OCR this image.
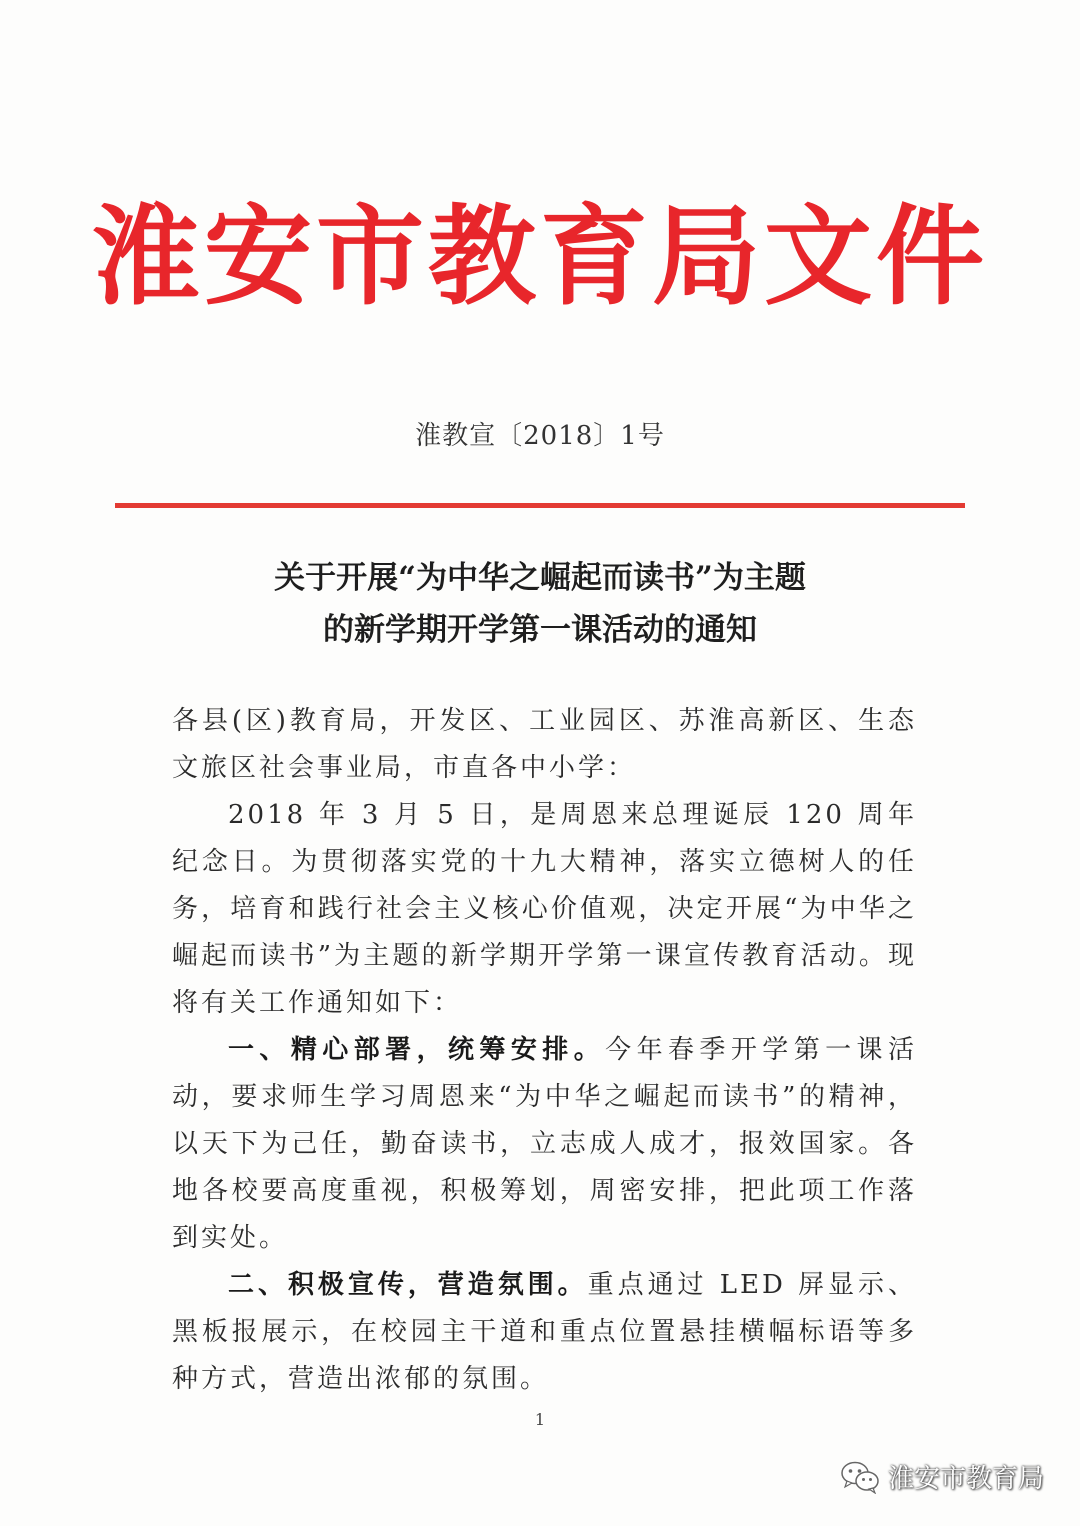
淮安市教育局文件
淮教宣〔2018〕1号
关于开展“为中华之崛起而读书”为主题
的新学期开学第一课活动的通知

各县(区)教育局，开发区、工业园区、苏淮高新区、生态文旅区社会事业局，市直各中小学：

2018 年 3 月 5 日，是周恩来总理诞辰 120 周年纪念日。为贯彻落实党的十九大精神，落实立德树人的任务，培育和践行社会主义核心价值观，决定开展“为中华之崛起而读书”为主题的新学期开学第一课宣传教育活动。现将有关工作通知如下：

一、精心部署，统筹安排。今年春季开学第一课活动，要求师生学习周恩来“为中华之崛起而读书”的精神，以天下为己任，勤奋读书，立志成人成才，报效国家。各地各校要高度重视，积极筹划，周密安排，把此项工作落到实处。

二、积极宣传，营造氛围。重点通过 LED 屏显示、黑板报展示，在校园主干道和重点位置悬挂横幅标语等多种方式，营造出浓郁的氛围。

1
淮安市教育局
